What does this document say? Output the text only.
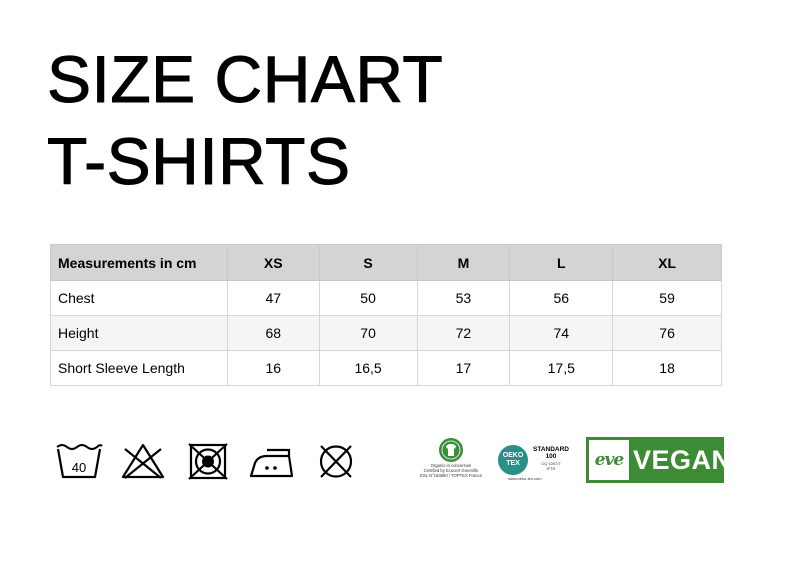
SIZE CHART
T-SHIRTS
Measurements in cm	XS	S	M	L	XL
Chest	47	50	53	56	59
Height	68	70	72	74	76
Short Sleeve Length	16	16,5	17	17,5	18
40	Organic-in conversion
Certified by Ecocert Greenlife
ESL N°183860 / TOPTEX France
OEKO
TEX
STANDARD
100
CQ 1007/7
IFTH
www.oeko-tex.com
eve VEGAN
